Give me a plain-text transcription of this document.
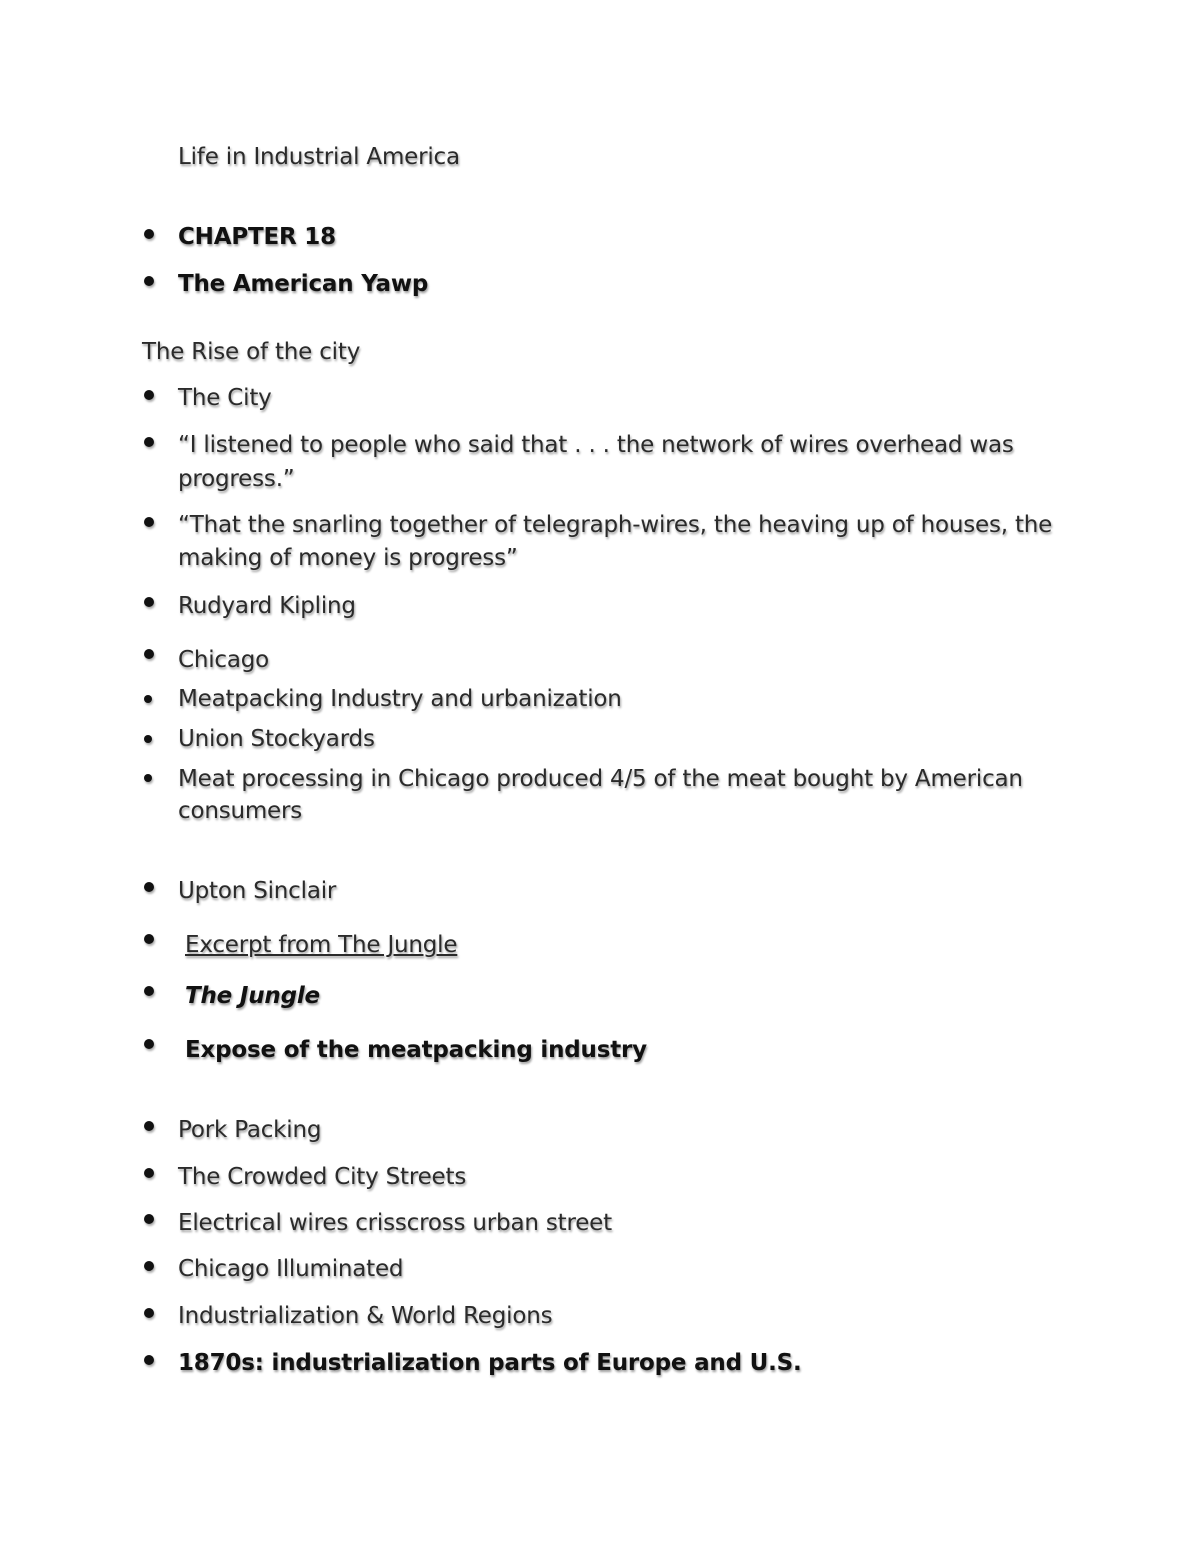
Life in Industrial America
CHAPTER 18
The American Yawp
The Rise of the city
The City
“I listened to people who said that . . . the network of wires overhead was
progress.”
“That the snarling together of telegraph-wires, the heaving up of houses, the
making of money is progress”
Rudyard Kipling
Chicago
Meatpacking Industry and urbanization
Union Stockyards
Meat processing in Chicago produced 4/5 of the meat bought by American
consumers
Upton Sinclair
Excerpt from The Jungle
The Jungle
Expose of the meatpacking industry
Pork Packing
The Crowded City Streets
Electrical wires crisscross urban street
Chicago Illuminated
Industrialization & World Regions
1870s: industrialization parts of Europe and U.S.
